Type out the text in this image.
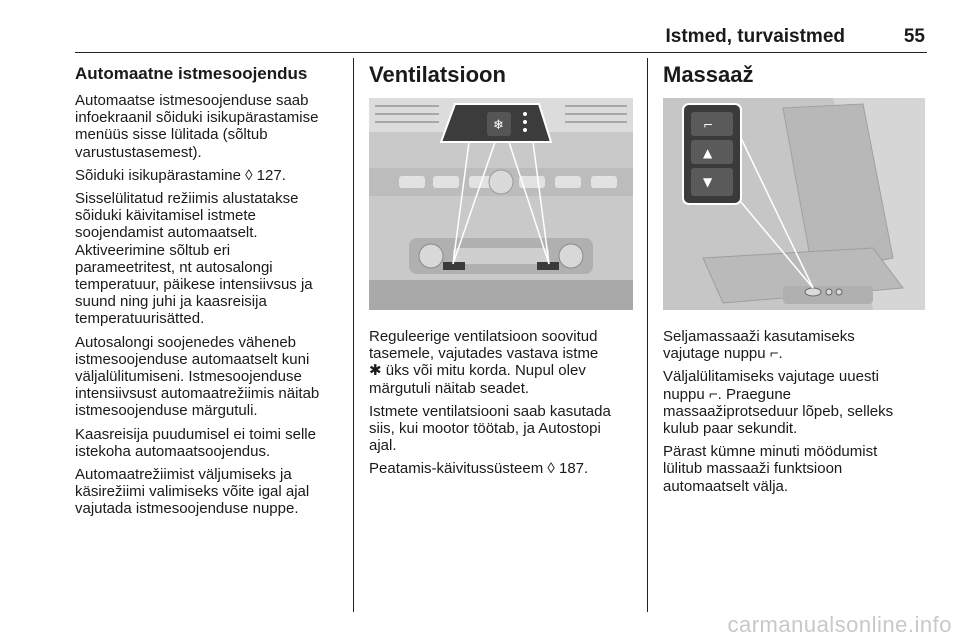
Istmed, turvaistmed	55
Automaatne istmesoojendus

Automaatse istmesoojenduse saab
infoekraanil sõiduki isikupärastamise
menüüs sisse lülitada (sõltub
varustustasemest).

Sõiduki isikupärastamine ◊ 127.

Sisselülitatud režiimis alustatakse
sõiduki käivitamisel istmete
soojendamist automaatselt.
Aktiveerimine sõltub eri
parameetritest, nt autosalongi
temperatuur, päikese intensiivsus ja
suund ning juhi ja kaasreisija
temperatuurisätted.

Autosalongi soojenedes väheneb
istmesoojenduse automaatselt kuni
väljalülitumiseni. Istmesoojenduse
intensiivsust automaatrežiimis näitab
istmesoojenduse märgutuli.

Kaasreisija puudumisel ei toimi selle
istekoha automaatsoojendus.

Automaatrežiimist väljumiseks ja
käsirežiimi valimiseks võite igal ajal
vajutada istmesoojenduse nuppe.

Ventilatsioon
❄

Reguleerige ventilatsioon soovitud
tasemele, vajutades vastava istme
✱ üks või mitu korda. Nupul olev
märgutuli näitab seadet.

Istmete ventilatsiooni saab kasutada
siis, kui mootor töötab, ja Autostopi
ajal.

Peatamis-käivitussüsteem ◊ 187.

Massaaž
⌐
▲
▼

Seljamassaaži kasutamiseks
vajutage nuppu ⌐.

Väljalülitamiseks vajutage uuesti
nuppu ⌐. Praegune
massaažiprotseduur lõpeb, selleks
kulub paar sekundit.

Pärast kümne minuti möödumist
lülitub massaaži funktsioon
automaatselt välja.

carmanualsonline.info
